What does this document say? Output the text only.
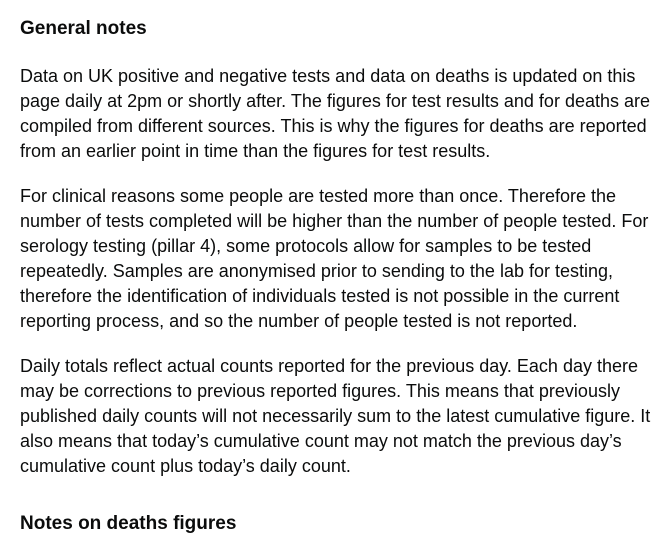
General notes

Data on UK positive and negative tests and data on deaths is updated on this page daily at 2pm or shortly after. The figures for test results and for deaths are compiled from different sources. This is why the figures for deaths are reported from an earlier point in time than the figures for test results.

For clinical reasons some people are tested more than once. Therefore the number of tests completed will be higher than the number of people tested. For serology testing (pillar 4), some protocols allow for samples to be tested repeatedly. Samples are anonymised prior to sending to the lab for testing, therefore the identification of individuals tested is not possible in the current reporting process, and so the number of people tested is not reported.

Daily totals reflect actual counts reported for the previous day. Each day there may be corrections to previous reported figures. This means that previously published daily counts will not necessarily sum to the latest cumulative figure. It also means that today’s cumulative count may not match the previous day’s cumulative count plus today’s daily count.

Notes on deaths figures
